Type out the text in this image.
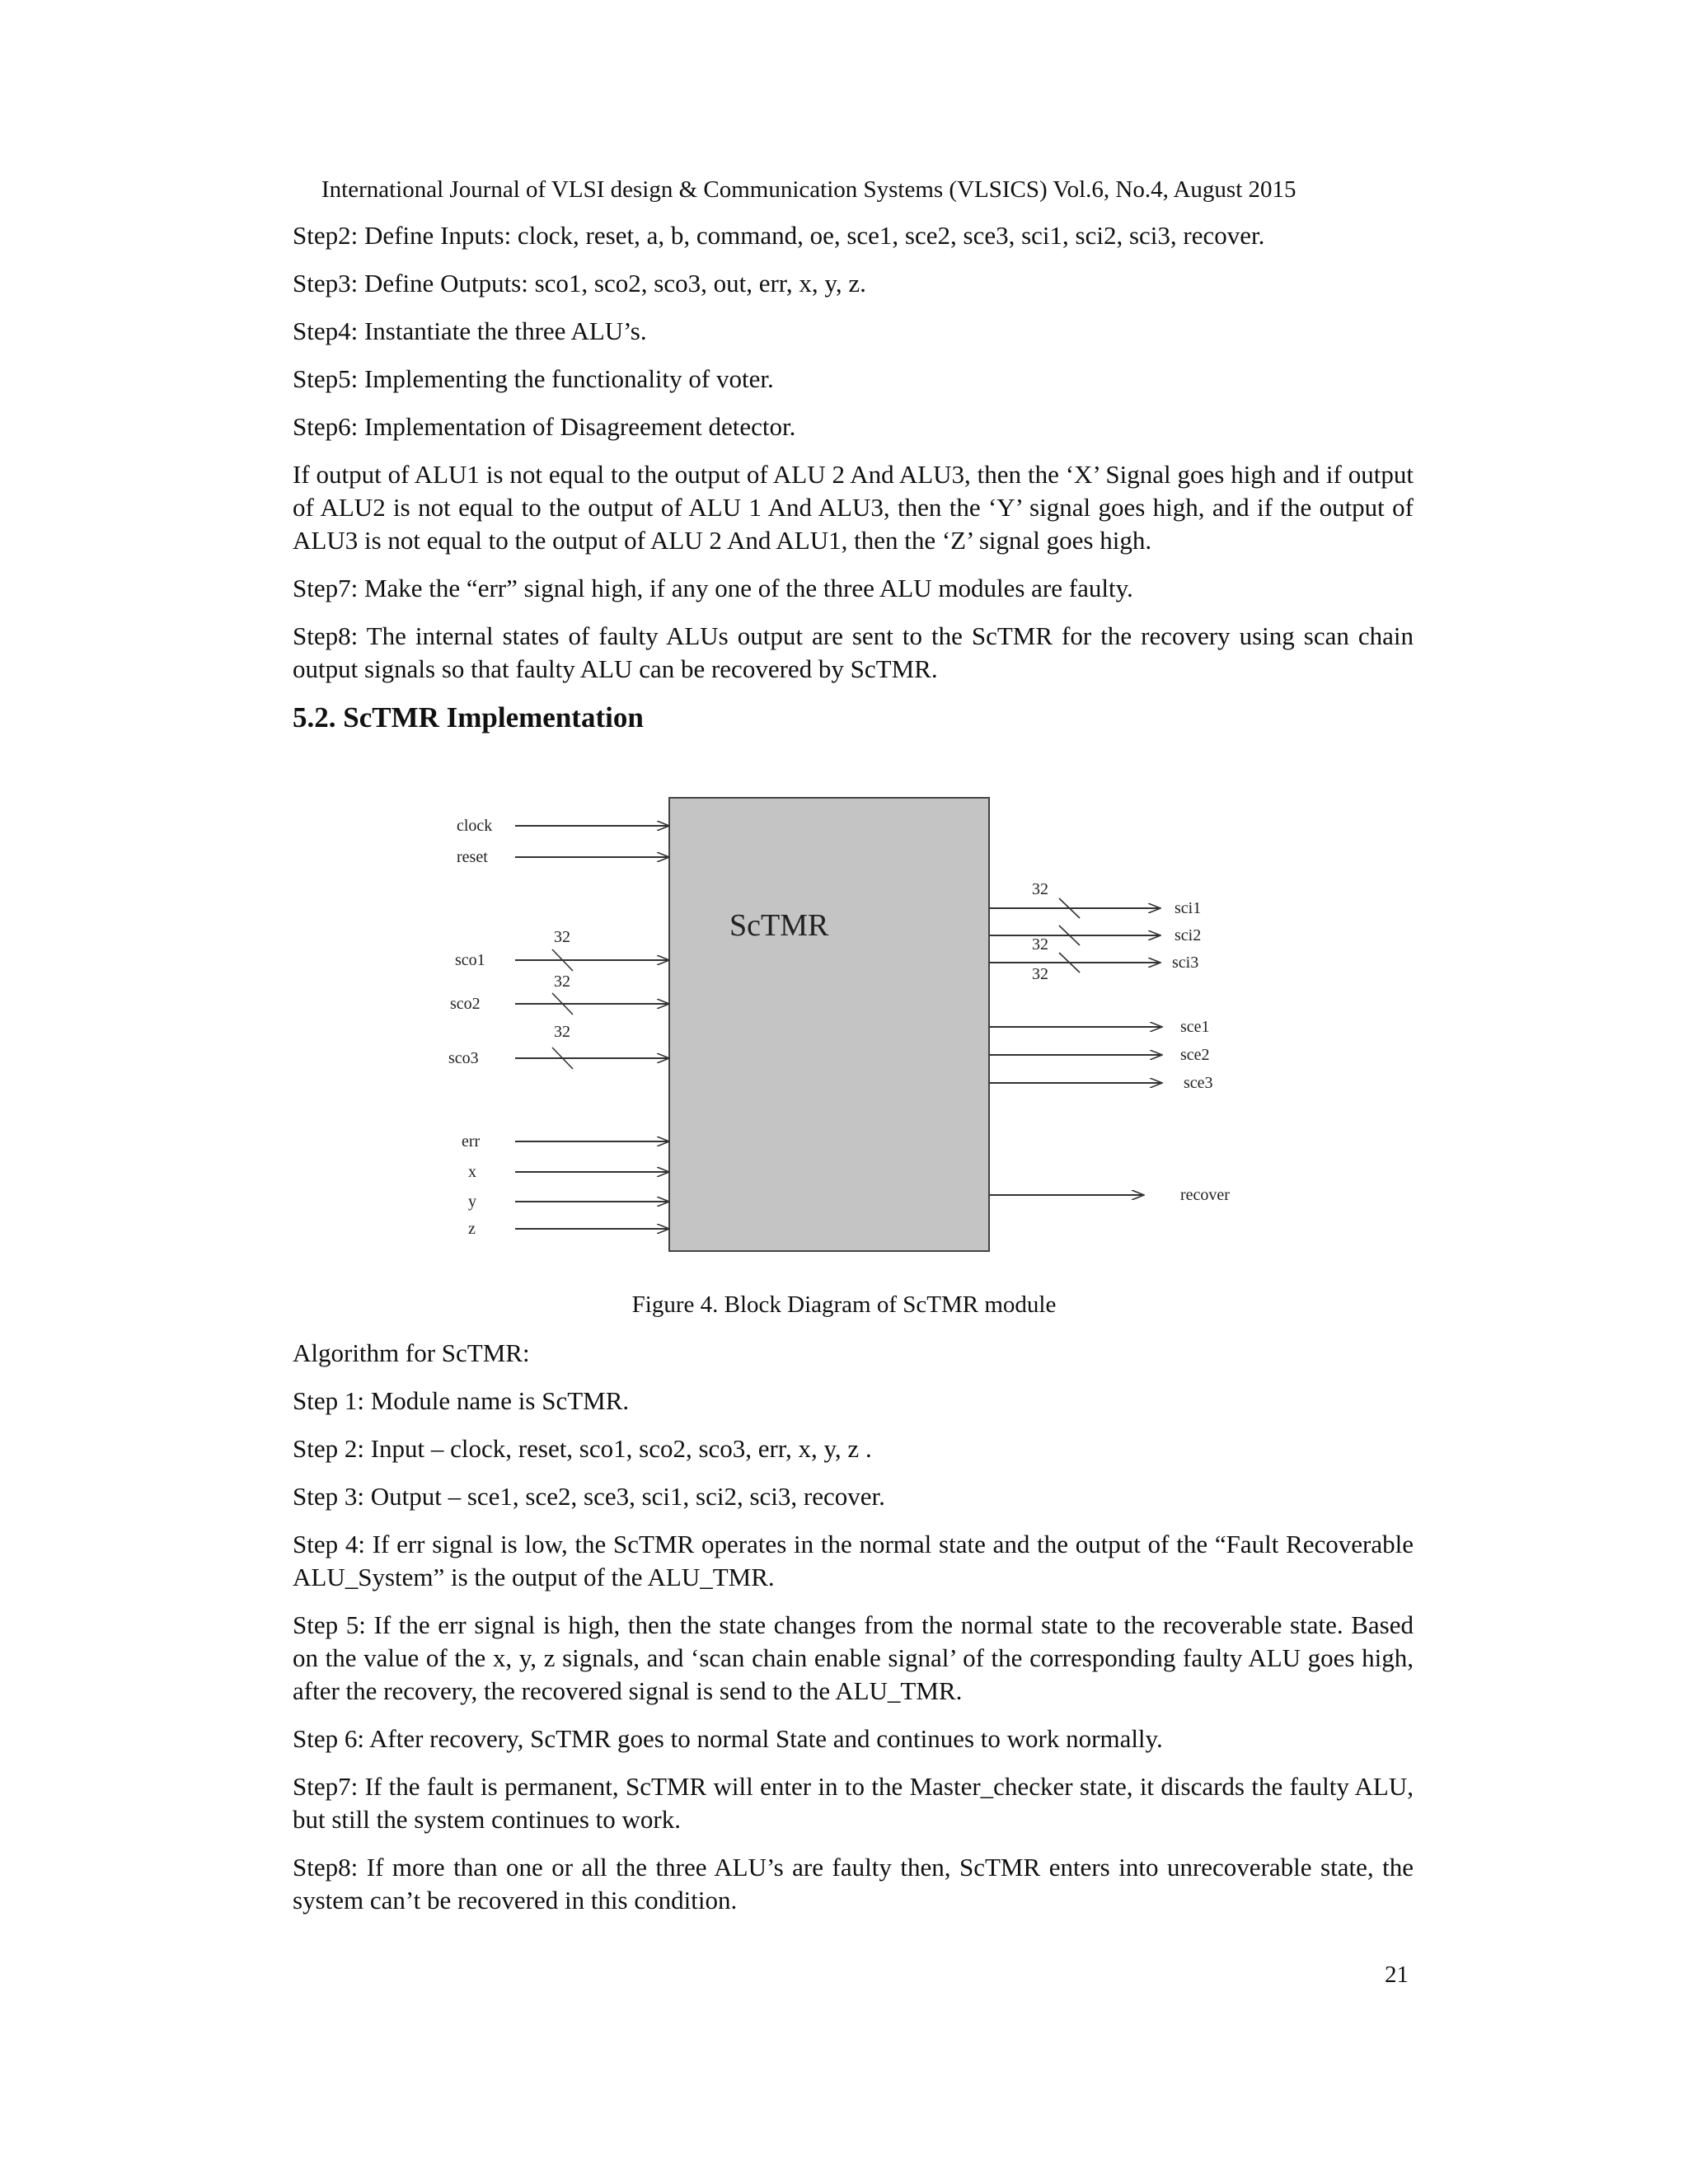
International Journal of VLSI design & Communication Systems (VLSICS) Vol.6, No.4, August 2015

Step2: Define Inputs: clock, reset, a, b, command, oe, sce1, sce2, sce3, sci1, sci2, sci3, recover.

Step3: Define Outputs: sco1, sco2, sco3, out, err, x, y, z.

Step4: Instantiate the three ALU’s.

Step5: Implementing the functionality of voter.

Step6: Implementation of Disagreement detector.

If output of ALU1 is not equal to the output of ALU 2 And ALU3, then the ‘X’ Signal goes high and if output of ALU2 is not equal to the output of ALU 1 And ALU3, then the ‘Y’ signal goes high, and if the output of ALU3 is not equal to the output of ALU 2 And ALU1, then the ‘Z’ signal goes high.

Step7: Make the “err” signal high, if any one of the three ALU modules are faulty.

Step8: The internal states of faulty ALUs output are sent to the ScTMR for the recovery using scan chain output signals so that faulty ALU can be recovered by ScTMR.

5.2. ScTMR Implementation
ScTMR
clock
reset
32
sco1
32
sco2
32
sco3
err
x
y
z
32
sci1
32	sci2
32
sci3
sce1
sce2
sce3
recover
Figure 4. Block Diagram of ScTMR module

Algorithm for ScTMR:

Step 1: Module name is ScTMR.

Step 2: Input – clock, reset, sco1, sco2, sco3, err, x, y, z .

Step 3: Output – sce1, sce2, sce3, sci1, sci2, sci3, recover.

Step 4: If err signal is low, the ScTMR operates in the normal state and the output of the “Fault Recoverable ALU_System” is the output of the ALU_TMR.

Step 5: If the err signal is high, then the state changes from the normal state to the recoverable state. Based on the value of the x, y, z signals, and ‘scan chain enable signal’ of the corresponding faulty ALU goes high, after the recovery, the recovered signal is send to the ALU_TMR.

Step 6: After recovery, ScTMR goes to normal State and continues to work normally.

Step7: If the fault is permanent, ScTMR will enter in to the Master_checker state, it discards the faulty ALU, but still the system continues to work.

Step8: If more than one or all the three ALU’s are faulty then, ScTMR enters into unrecoverable state, the system can’t be recovered in this condition.

21
